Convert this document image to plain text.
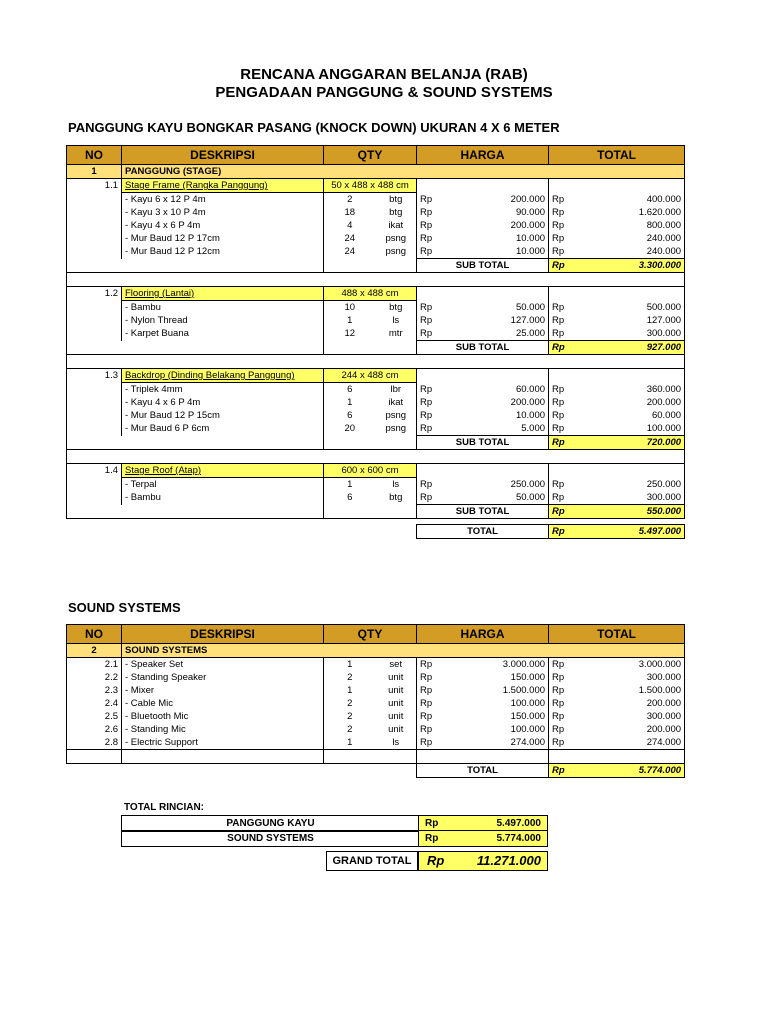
RENCANA ANGGARAN BELANJA (RAB)
PENGADAAN PANGGUNG & SOUND SYSTEMS
PANGGUNG KAYU BONGKAR PASANG (KNOCK DOWN) UKURAN 4 X 6 METER
NO	DESKRIPSI	QTY		HARGA		TOTAL	
1	PANGGUNG (STAGE)						
1.1	Stage Frame (Rangka Panggung)	50 x 488 x 488 cm					
	- Kayu 6 x 12 P 4m	2	btg	Rp	200.000	Rp	400.000
	- Kayu 3 x 10 P 4m	18	btg	Rp	90.000	Rp	1.620.000
	- Kayu 4 x 6 P 4m	4	ikat	Rp	200.000	Rp	800.000
	- Mur Baud 12 P 17cm	24	psng	Rp	10.000	Rp	240.000
	- Mur Baud 12 P 12cm	24	psng	Rp	10.000	Rp	240.000
				SUB TOTAL		Rp	3.300.000

1.2	Flooring (Lantai)	488 x 488 cm					
	- Bambu	10	btg	Rp	50.000	Rp	500.000
	- Nylon Thread	1	ls	Rp	127.000	Rp	127.000
	- Karpet Buana	12	mtr	Rp	25.000	Rp	300.000
				SUB TOTAL		Rp	927.000

1.3	Backdrop (Dinding Belakang Panggung)	244 x 488 cm					
	- Triplek 4mm	6	lbr	Rp	60.000	Rp	360.000
	- Kayu 4 x 6 P 4m	1	ikat	Rp	200.000	Rp	200.000
	- Mur Baud 12 P 15cm	6	psng	Rp	10.000	Rp	60.000
	- Mur Baud 6 P 6cm	20	psng	Rp	5.000	Rp	100.000
				SUB TOTAL		Rp	720.000

1.4	Stage Roof (Atap)	600 x 600 cm					
	- Terpal	1	ls	Rp	250.000	Rp	250.000
	- Bambu	6	btg	Rp	50.000	Rp	300.000
				SUB TOTAL		Rp	550.000

				TOTAL		Rp	5.497.000
SOUND SYSTEMS
NO	DESKRIPSI	QTY		HARGA		TOTAL	
2	SOUND SYSTEMS						
2.1	- Speaker Set	1	set	Rp	3.000.000	Rp	3.000.000
2.2	- Standing Speaker	2	unit	Rp	150.000	Rp	300.000
2.3	- Mixer	1	unit	Rp	1.500.000	Rp	1.500.000
2.4	- Cable Mic	2	unit	Rp	100.000	Rp	200.000
2.5	- Bluetooth Mic	2	unit	Rp	150.000	Rp	300.000
2.6	- Standing Mic	2	unit	Rp	100.000	Rp	200.000
2.8	- Electric Support	1	ls	Rp	274.000	Rp	274.000

				TOTAL		Rp	5.774.000
TOTAL RINCIAN:
PANGGUNG KAYU	Rp	5.497.000
SOUND SYSTEMS	Rp	5.774.000
GRAND TOTAL	Rp	11.271.000
